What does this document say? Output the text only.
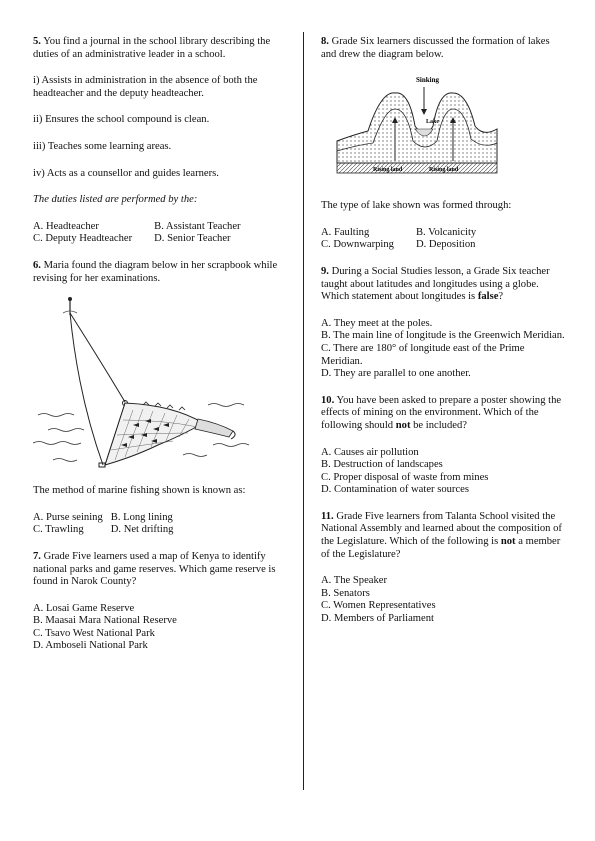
5. You find a journal in the school library describing the duties of an administrative leader in a school.

i) Assists in administration in the absence of both the headteacher and the deputy headteacher.

ii) Ensures the school compound is clean.

iii) Teaches some learning areas.

iv) Acts as a counsellor and guides learners.

The duties listed are performed by the:

A. Headteacher	B. Assistant Teacher
C. Deputy Headteacher D. Senior Teacher

6. Maria found the diagram below in her scrapbook while revising for her examinations.

The method of marine fishing shown is known as:

A. Purse seining B. Long lining
C. Trawling	D. Net drifting

7. Grade Five learners used a map of Kenya to identify national parks and game reserves. Which game reserve is found in Narok County?

A. Losai Game Reserve

B. Maasai Mara National Reserve

C. Tsavo West National Park

D. Amboseli National Park

8. Grade Six learners discussed the formation of lakes and drew the diagram below.

Sinking
Lake
Rising land	Rising land

The type of lake shown was formed through:

A. Faulting	B. Volcanicity
C. Downwarping D. Deposition

9. During a Social Studies lesson, a Grade Six teacher taught about latitudes and longitudes using a globe. Which statement about longitudes is false?

A. They meet at the poles.

B. The main line of longitude is the Greenwich Meridian.

C. There are 180° of longitude east of the Prime Meridian.

D. They are parallel to one another.

10. You have been asked to prepare a poster showing the effects of mining on the environment. Which of the following should not be included?

A. Causes air pollution

B. Destruction of landscapes

C. Proper disposal of waste from mines

D. Contamination of water sources

11. Grade Five learners from Talanta School visited the National Assembly and learned about the composition of the Legislature. Which of the following is not a member of the Legislature?

A. The Speaker

B. Senators

C. Women Representatives

D. Members of Parliament
